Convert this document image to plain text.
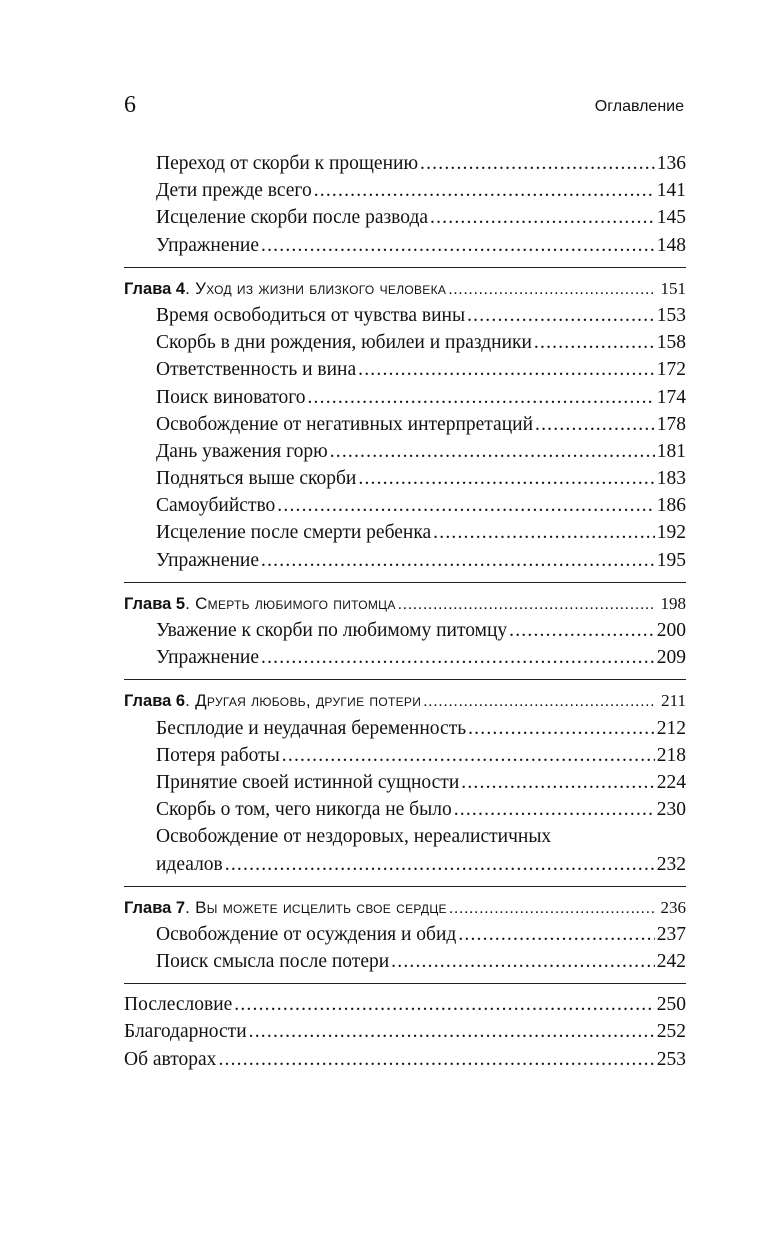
6	Оглавление
Переход от скорби к прощению .....	136
Дети прежде всего .....	141
Исцеление скорби после развода .....	145
Упражнение .....	148
Глава 4. Уход из жизни близкого человека .....	151
Время освободиться от чувства вины .....	153
Скорбь в дни рождения, юбилеи и праздники .....	158
Ответственность и вина .....	172
Поиск виноватого .....	174
Освобождение от негативных интерпретаций .....	178
Дань уважения горю .....	181
Подняться выше скорби .....	183
Самоубийство .....	186
Исцеление после смерти ребенка .....	192
Упражнение .....	195
Глава 5. Смерть любимого питомца .....	198
Уважение к скорби по любимому питомцу .....	200
Упражнение .....	209
Глава 6. Другая любовь, другие потери .....	211
Бесплодие и неудачная беременность .....	212
Потеря работы .....	218
Принятие своей истинной сущности .....	224
Скорбь о том, чего никогда не было .....	230
Освобождение от нездоровых, нереалистичных
идеалов .....	232
Глава 7. Вы можете исцелить свое сердце .....	236
Освобождение от осуждения и обид .....	237
Поиск смысла после потери .....	242
Послесловие .....	250
Благодарности .....	252
Об авторах .....	253
